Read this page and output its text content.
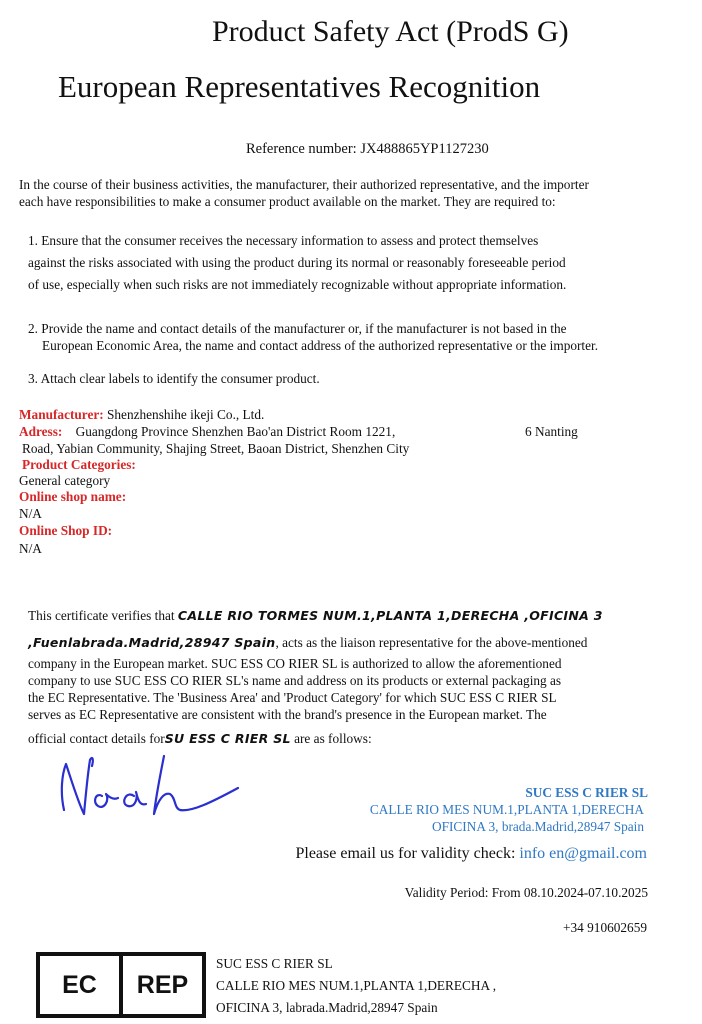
Product Safety Act (ProdS G)
European Representatives Recognition
Reference number: JX488865YP1127230
In the course of their business activities, the manufacturer, their authorized representative, and the importer
each have responsibilities to make a consumer product available on the market. They are required to:
1. Ensure that the consumer receives the necessary information to assess and protect themselves
against the risks associated with using the product during its normal or reasonably foreseeable period
of use, especially when such risks are not immediately recognizable without appropriate information.
2. Provide the name and contact details of the manufacturer or, if the manufacturer is not based in the
European Economic Area, the name and contact address of the authorized representative or the importer.
3. Attach clear labels to identify the consumer product.
Manufacturer: Shenzhenshihe ikeji Co., Ltd.
Adress: Guangdong Province Shenzhen Bao'an District Room 1221,	6 Nanting
Road, Yabian Community, Shajing Street, Baoan District, Shenzhen City
Product Categories:
General category
Online shop name:
N/A
Online Shop ID:
N/A
This certificate verifies that CALLE RIO TORMES NUM.1,PLANTA 1,DERECHA ,OFICINA 3
,Fuenlabrada.Madrid,28947 Spain, acts as the liaison representative for the above-mentioned
company in the European market. SUC ESS CO RIER SL is authorized to allow the aforementioned
company to use SUC ESS CO RIER SL's name and address on its products or external packaging as
the EC Representative. The 'Business Area' and 'Product Category' for which SUC ESS C RIER SL
serves as EC Representative are consistent with the brand's presence in the European market. The
official contact details forSU ESS C RIER SL are as follows:
SUC ESS C RIER SL
CALLE RIO MES NUM.1,PLANTA 1,DERECHA
OFICINA 3, brada.Madrid,28947 Spain
Please email us for validity check: info en@gmail.com
Validity Period: From 08.10.2024-07.10.2025
+34 910602659
EC	REP
SUC ESS C RIER SL
CALLE RIO MES NUM.1,PLANTA 1,DERECHA ,
OFICINA 3, labrada.Madrid,28947 Spain
